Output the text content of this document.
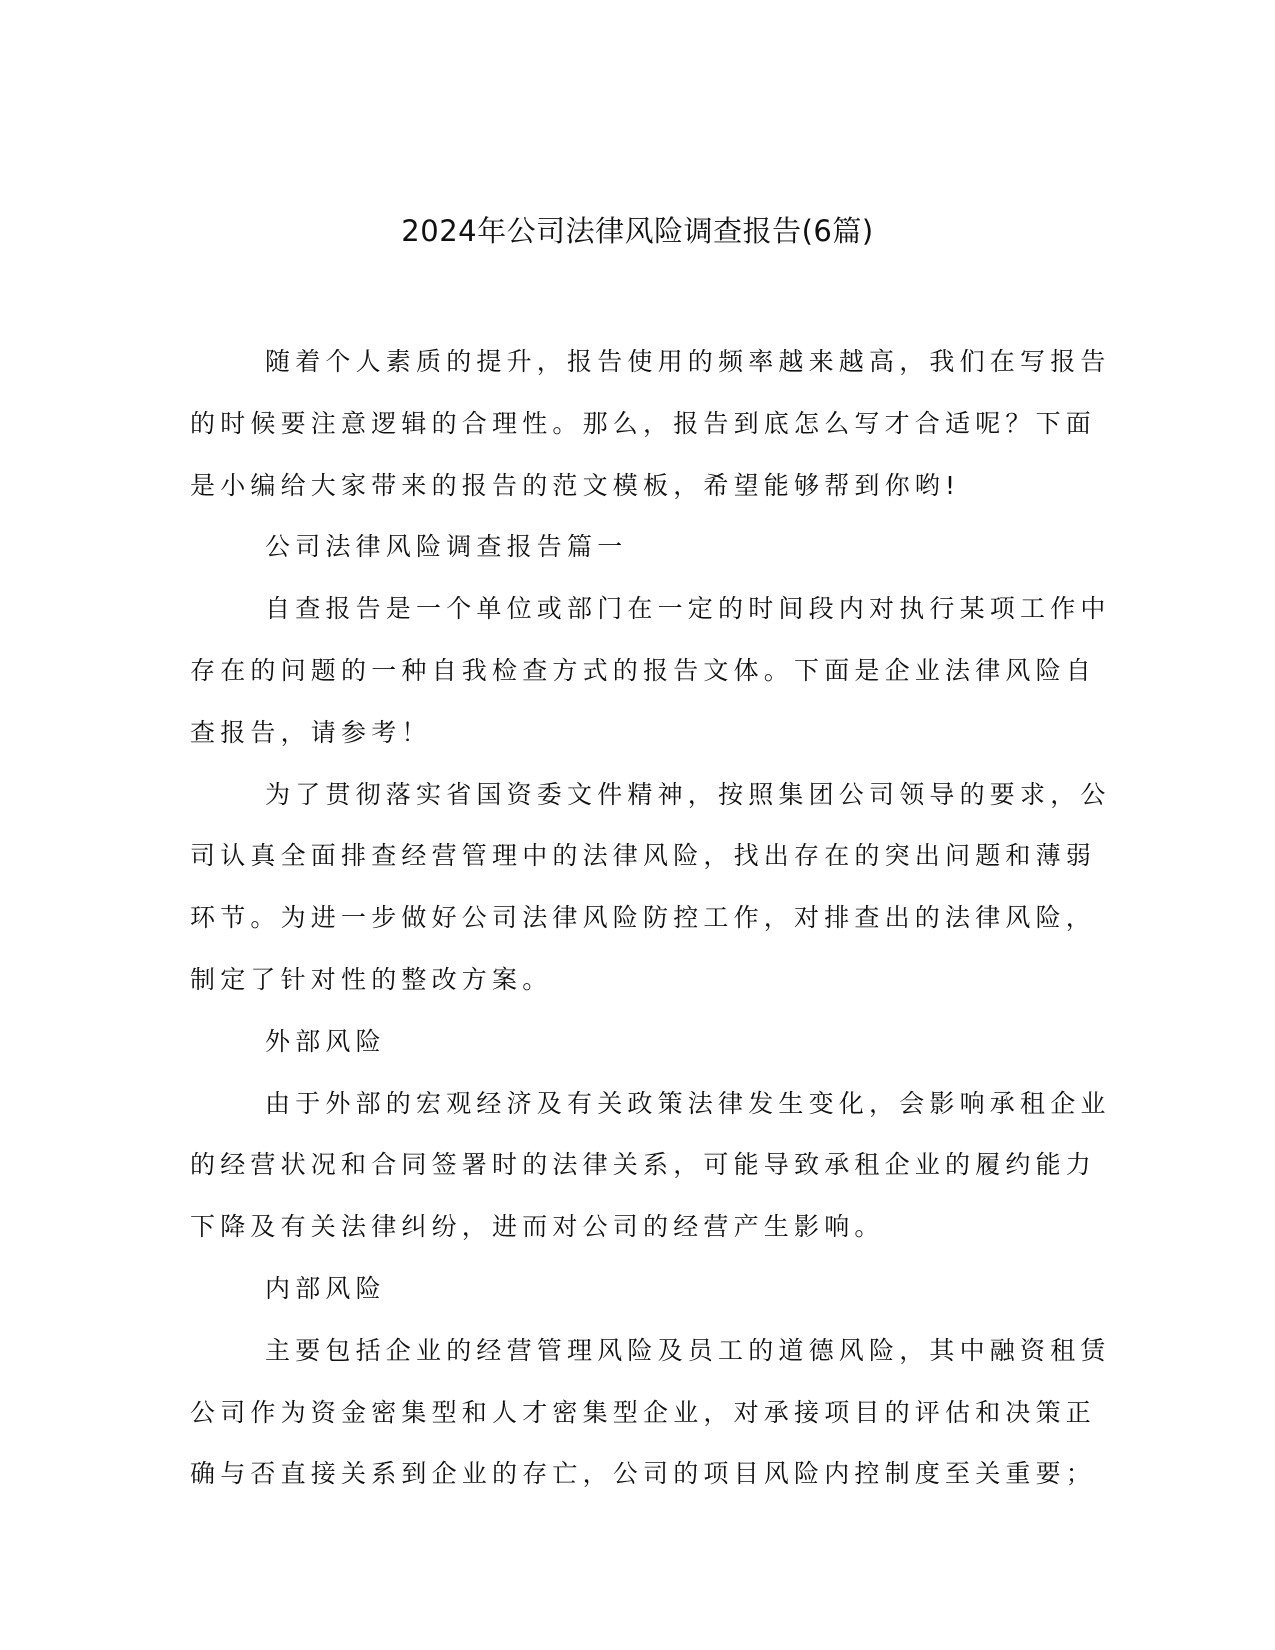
2024年公司法律风险调查报告(6篇)

随着个人素质的提升，报告使用的频率越来越高，我们在写报告
的时候要注意逻辑的合理性。那么，报告到底怎么写才合适呢？下面
是小编给大家带来的报告的范文模板，希望能够帮到你哟!

公司法律风险调查报告篇一

自查报告是一个单位或部门在一定的时间段内对执行某项工作中
存在的问题的一种自我检查方式的报告文体。下面是企业法律风险自
查报告，请参考！

为了贯彻落实省国资委文件精神，按照集团公司领导的要求，公
司认真全面排查经营管理中的法律风险，找出存在的突出问题和薄弱
环节。为进一步做好公司法律风险防控工作，对排查出的法律风险，
制定了针对性的整改方案。

外部风险

由于外部的宏观经济及有关政策法律发生变化，会影响承租企业
的经营状况和合同签署时的法律关系，可能导致承租企业的履约能力
下降及有关法律纠纷，进而对公司的经营产生影响。

内部风险

主要包括企业的经营管理风险及员工的道德风险，其中融资租赁
公司作为资金密集型和人才密集型企业，对承接项目的评估和决策正
确与否直接关系到企业的存亡，公司的项目风险内控制度至关重要；
